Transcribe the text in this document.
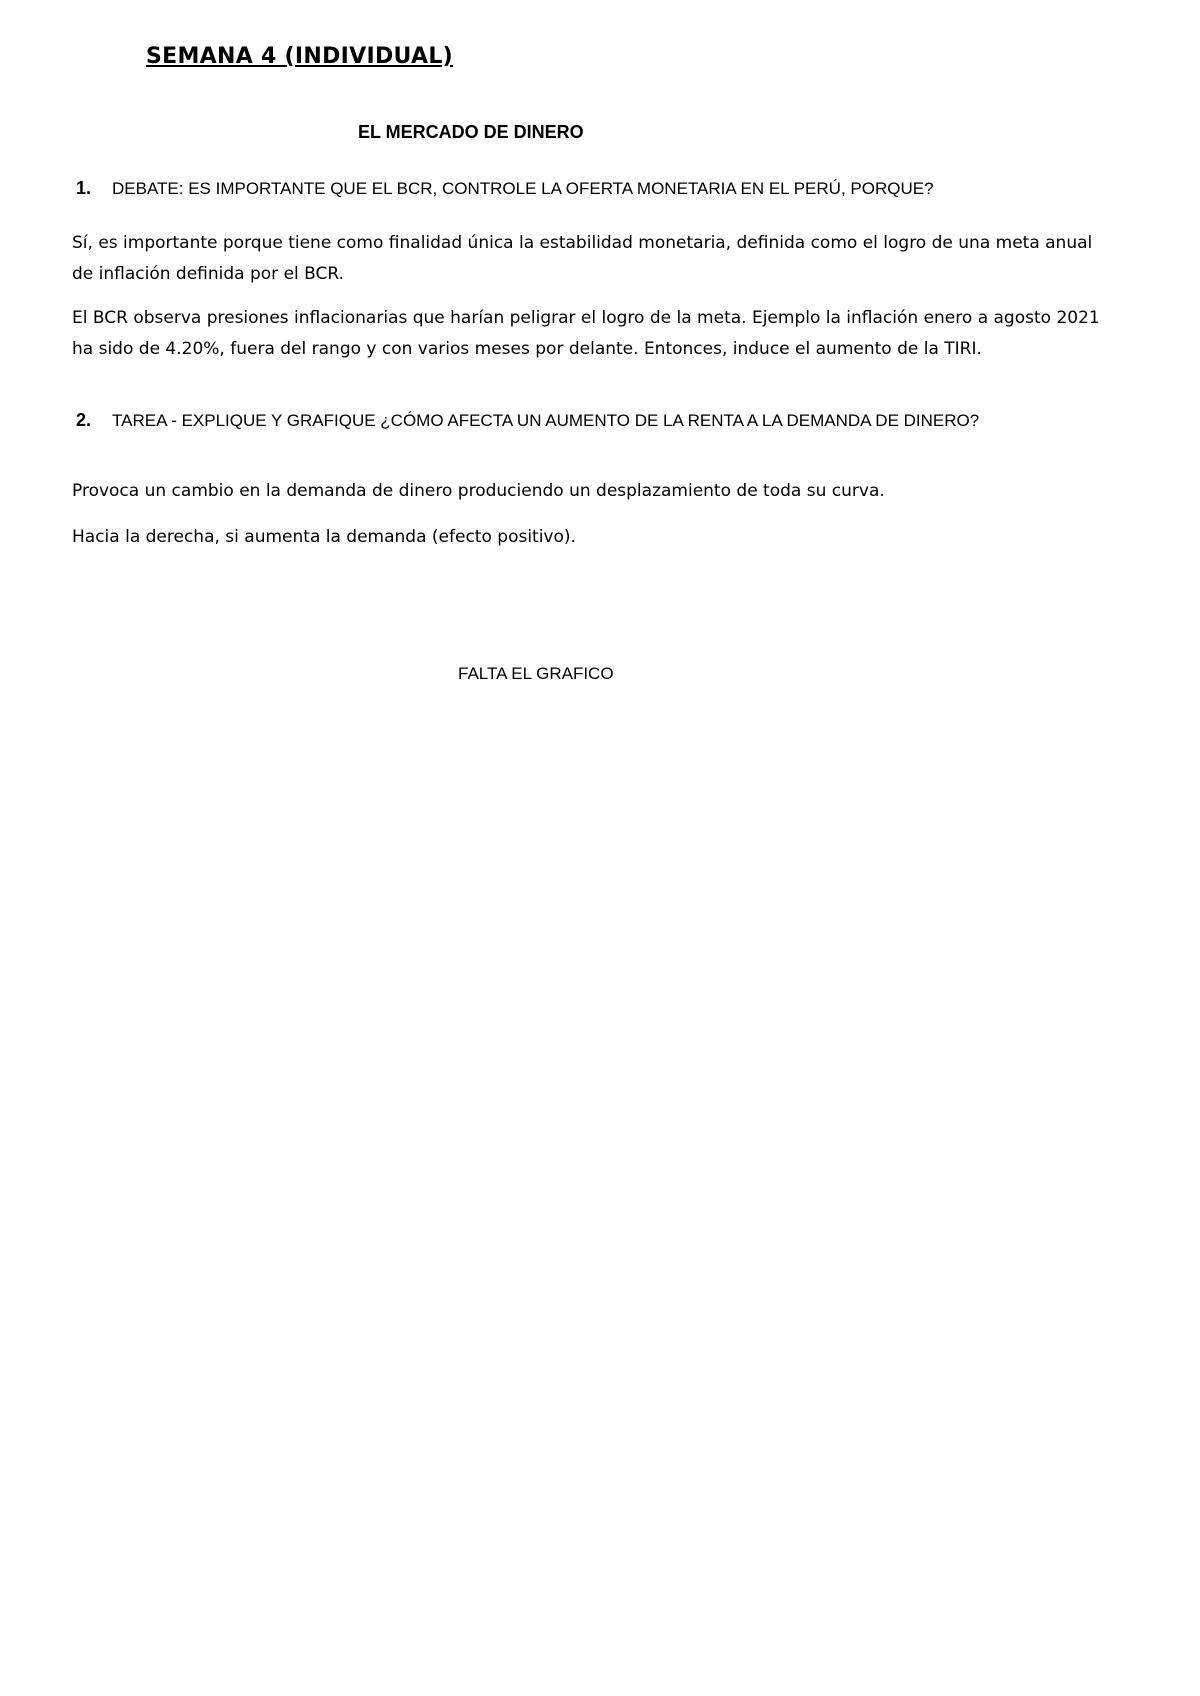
SEMANA 4 (INDIVIDUAL)
EL MERCADO DE DINERO
1. DEBATE: ES IMPORTANTE QUE EL BCR, CONTROLE LA OFERTA MONETARIA EN EL PERÚ, PORQUE?

Sí, es importante porque tiene como finalidad única la estabilidad monetaria, definida como el logro de una meta anual de inflación definida por el BCR.

El BCR observa presiones inflacionarias que harían peligrar el logro de la meta. Ejemplo la inflación enero a agosto 2021 ha sido de 4.20%, fuera del rango y con varios meses por delante. Entonces, induce el aumento de la TIRI.

2. TAREA - EXPLIQUE Y GRAFIQUE ¿CÓMO AFECTA UN AUMENTO DE LA RENTA A LA DEMANDA DE DINERO?

Provoca un cambio en la demanda de dinero produciendo un desplazamiento de toda su curva.

Hacia la derecha, si aumenta la demanda (efecto positivo).

FALTA EL GRAFICO
